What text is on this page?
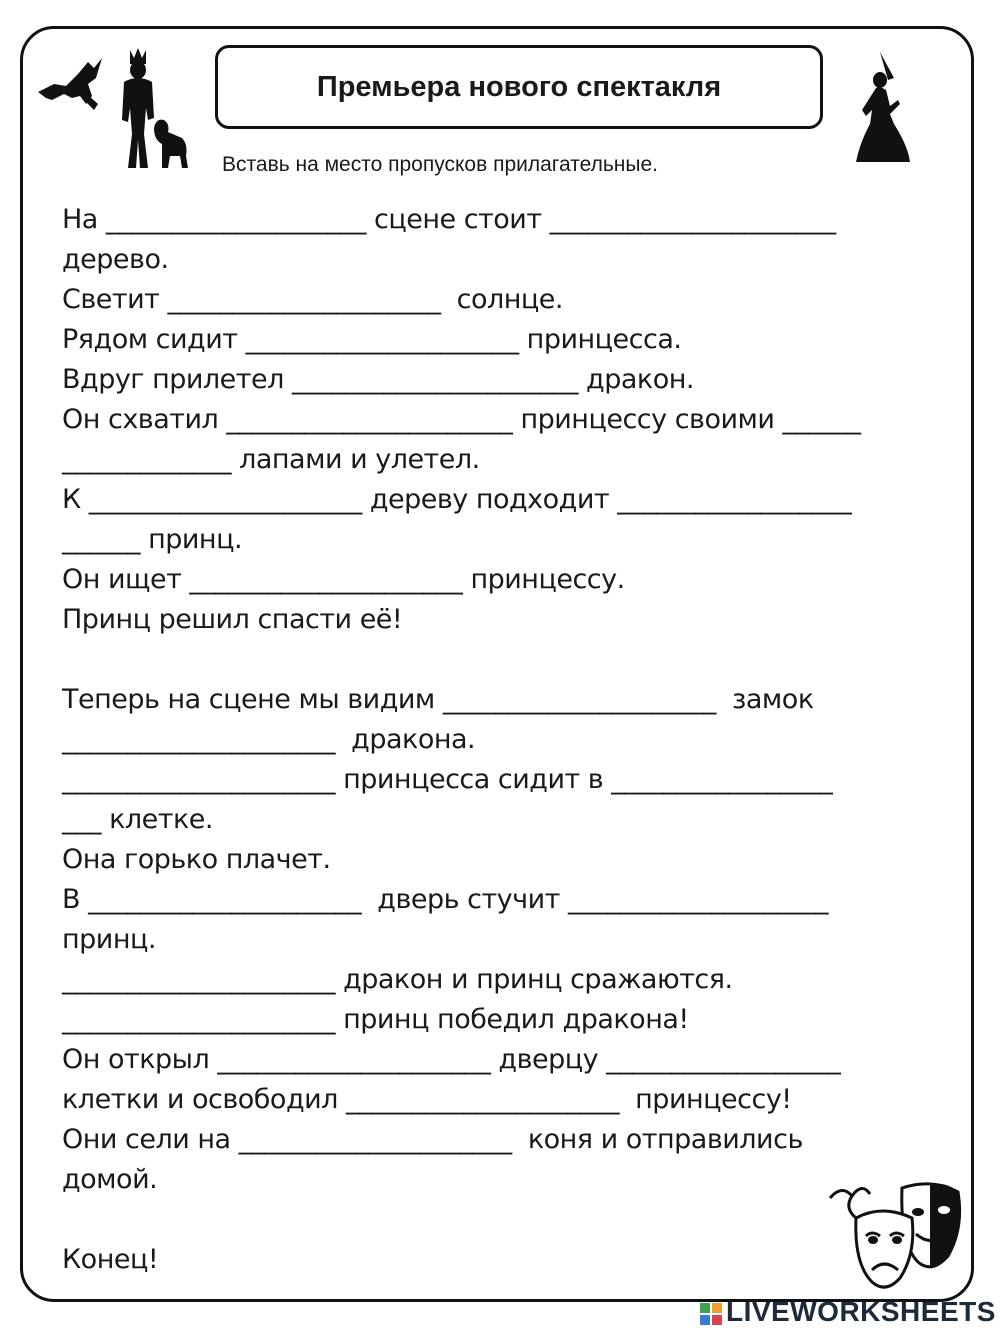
Премьера нового спектакля
Вставь на место пропусков прилагательные.
На ____________________ сцене стоит ______________________
дерево.
Светит _____________________  солнце.
Рядом сидит _____________________ принцесса.
Вдруг прилетел ______________________ дракон.
Он схватил ______________________ принцессу своими ______
_____________ лапами и улетел.
К _____________________ дереву подходит __________________
______ принц.
Он ищет _____________________ принцессу.
Принц решил спасти её!
Теперь на сцене мы видим _____________________  замок
_____________________  дракона.
_____________________ принцесса сидит в _________________
___ клетке.
Она горько плачет.
В _____________________  дверь стучит ____________________
принц.
_____________________ дракон и принц сражаются.
_____________________ принц победил дракона!
Он открыл _____________________ дверцу __________________
клетки и освободил _____________________  принцессу!
Они сели на _____________________  коня и отправились
домой.
Конец!
LIVEWORKSHEETS
